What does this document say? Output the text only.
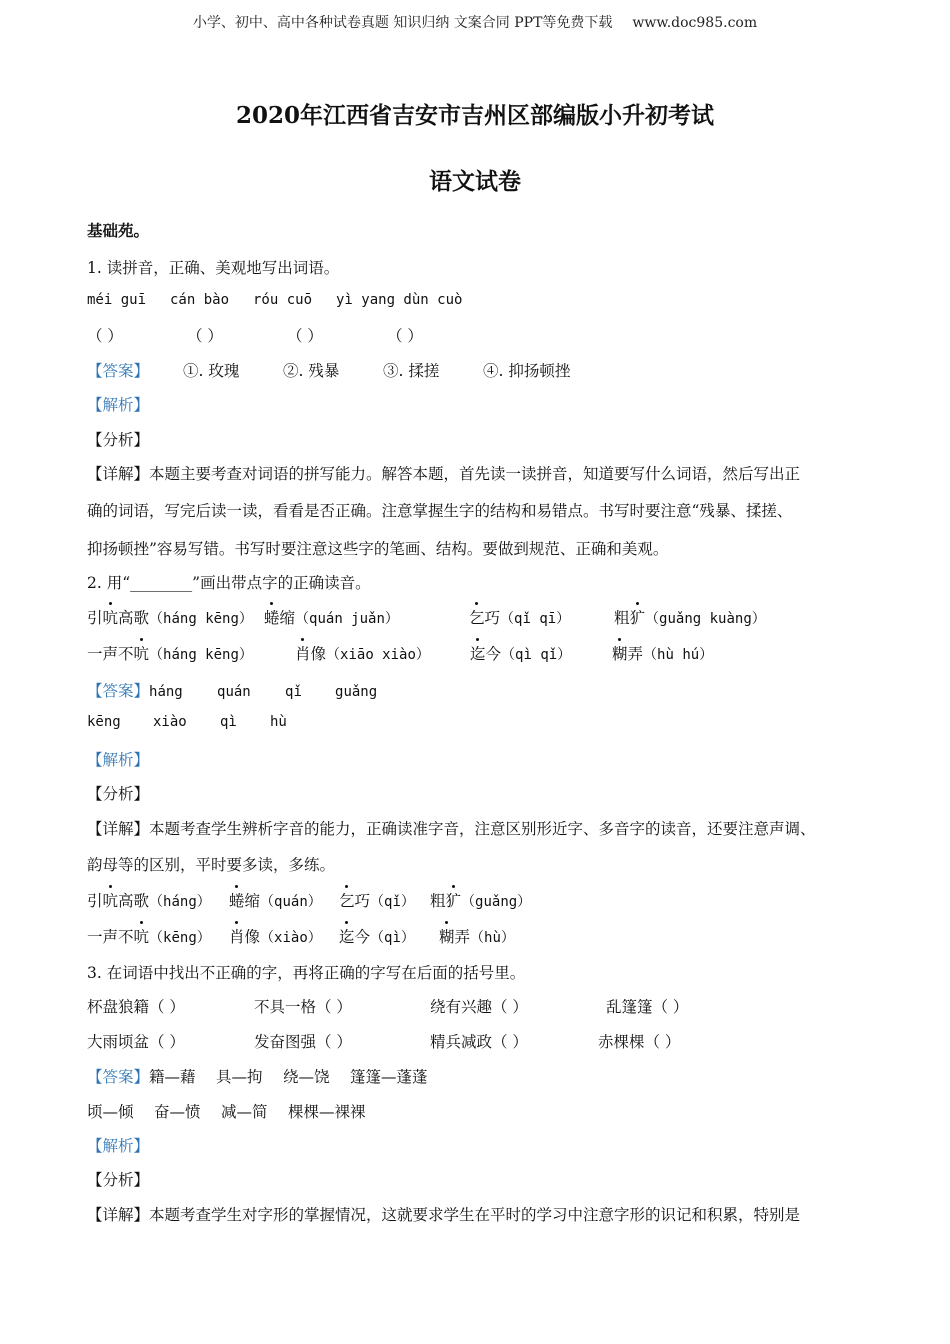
小学、初中、高中各种试卷真题 知识归纳 文案合同 PPT等免费下载 www.doc985.com
2020年江西省吉安市吉州区部编版小升初考试
语文试卷
基础苑。
1. 读拼音，正确、美观地写出词语。
méi guī cán bào róu cuō yì yang dùn cuò
（ ）	（ ）	（ ）	（ ）
【答案】 ①. 玫瑰	②. 残暴	③. 揉搓	④. 抑扬顿挫
【解析】
【分析】
【详解】本题主要考查对词语的拼写能力。解答本题，首先读一读拼音，知道要写什么词语，然后写出正
确的词语，写完后读一读，看看是否正确。注意掌握生字的结构和易错点。书写时要注意“残暴、揉搓、
抑扬顿挫”容易写错。书写时要注意这些字的笔画、结构。要做到规范、正确和美观。
2. 用“________”画出带点字的正确读音。
引吭高歌（háng kēng） 蜷缩（quán juǎn）	乞巧（qǐ qī）	粗犷（guǎng kuàng）
一声不吭（háng kēng）	肖像（xiāo xiào）	迄今（qì qǐ）	糊弄（hù hú）
【答案】háng quán qǐ guǎng
kēng xiào qì hù
【解析】
【分析】
【详解】本题考查学生辨析字音的能力，正确读准字音，注意区别形近字、多音字的读音，还要注意声调、
韵母等的区别，平时要多读，多练。
引吭高歌（háng） 蜷缩（quán） 乞巧（qǐ） 粗犷（guǎng）
一声不吭（kēng） 肖像（xiào） 迄今（qì） 糊弄（hù）
3. 在词语中找出不正确的字，再将正确的字写在后面的括号里。
杯盘狼籍（ ）	不具一格（ ）	绕有兴趣（ ）	乱篷篷（ ）
大雨顷盆（ ）	发奋图强（ ）	精兵减政（ ）	赤棵棵（ ）
【答案】籍—藉 具—拘 绕—饶 篷篷—蓬蓬
顷—倾 奋—愤 减—简 棵棵—裸裸
【解析】
【分析】
【详解】本题考查学生对字形的掌握情况，这就要求学生在平时的学习中注意字形的识记和积累，特别是
